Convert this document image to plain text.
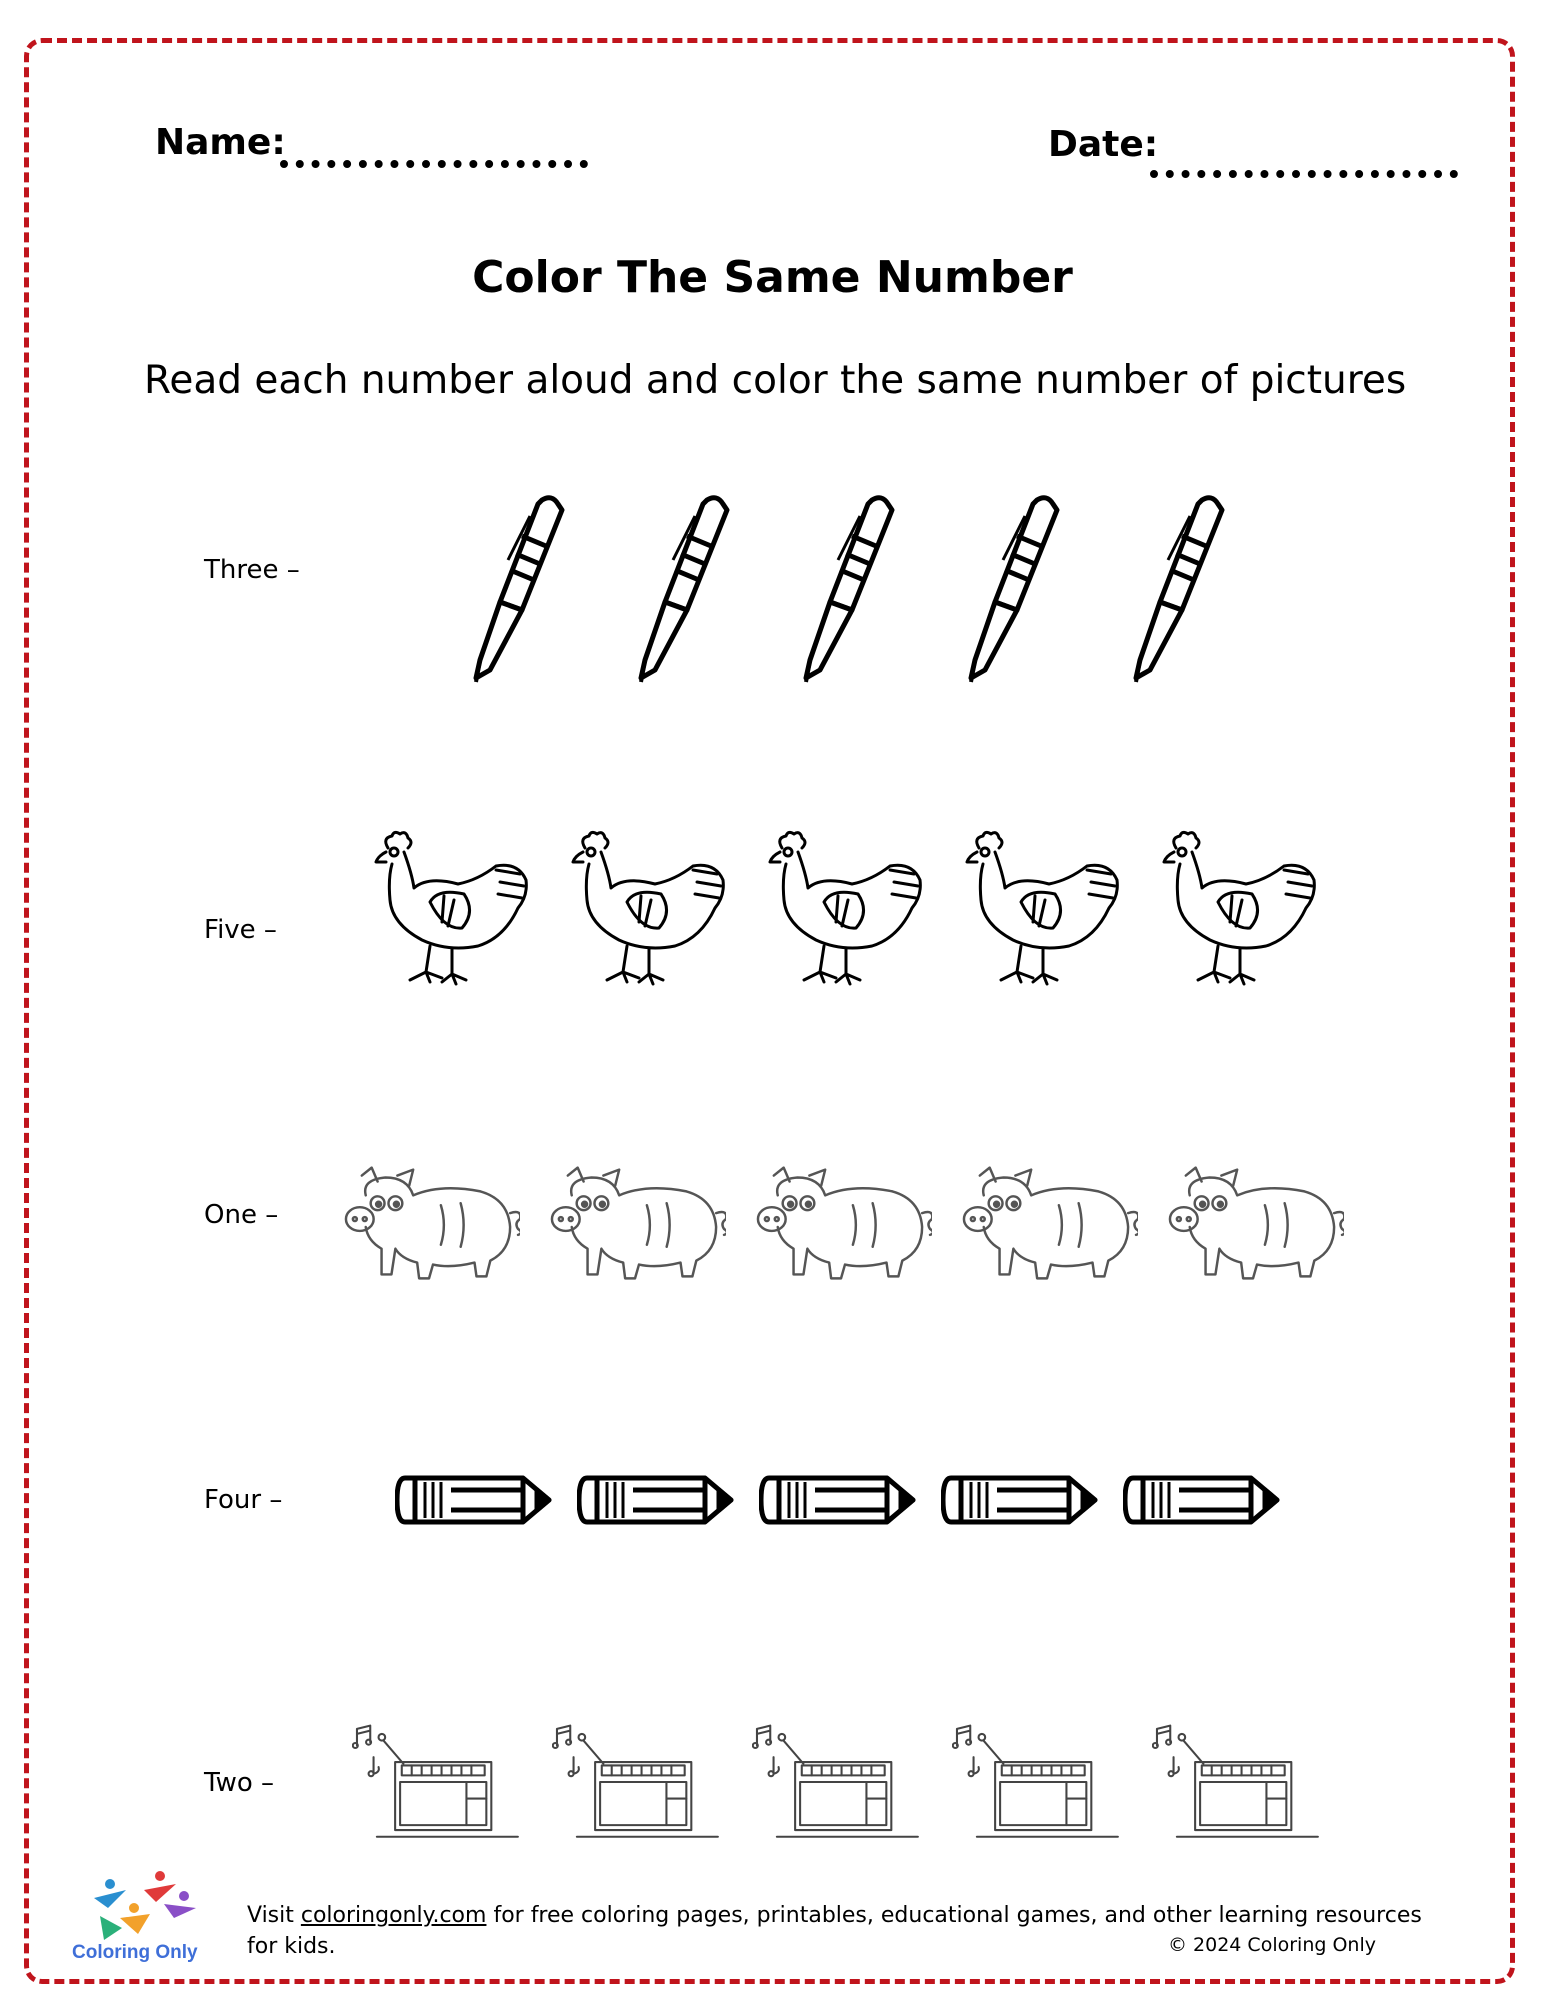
Name:	Date:
Color The Same Number
Read each number aloud and color the same number of pictures
Three –
Five –
One –
Four –
Two –
Coloring Only
Visit coloringonly.com for free coloring pages, printables, educational games, and other learning resources for kids.	© 2024 Coloring Only
